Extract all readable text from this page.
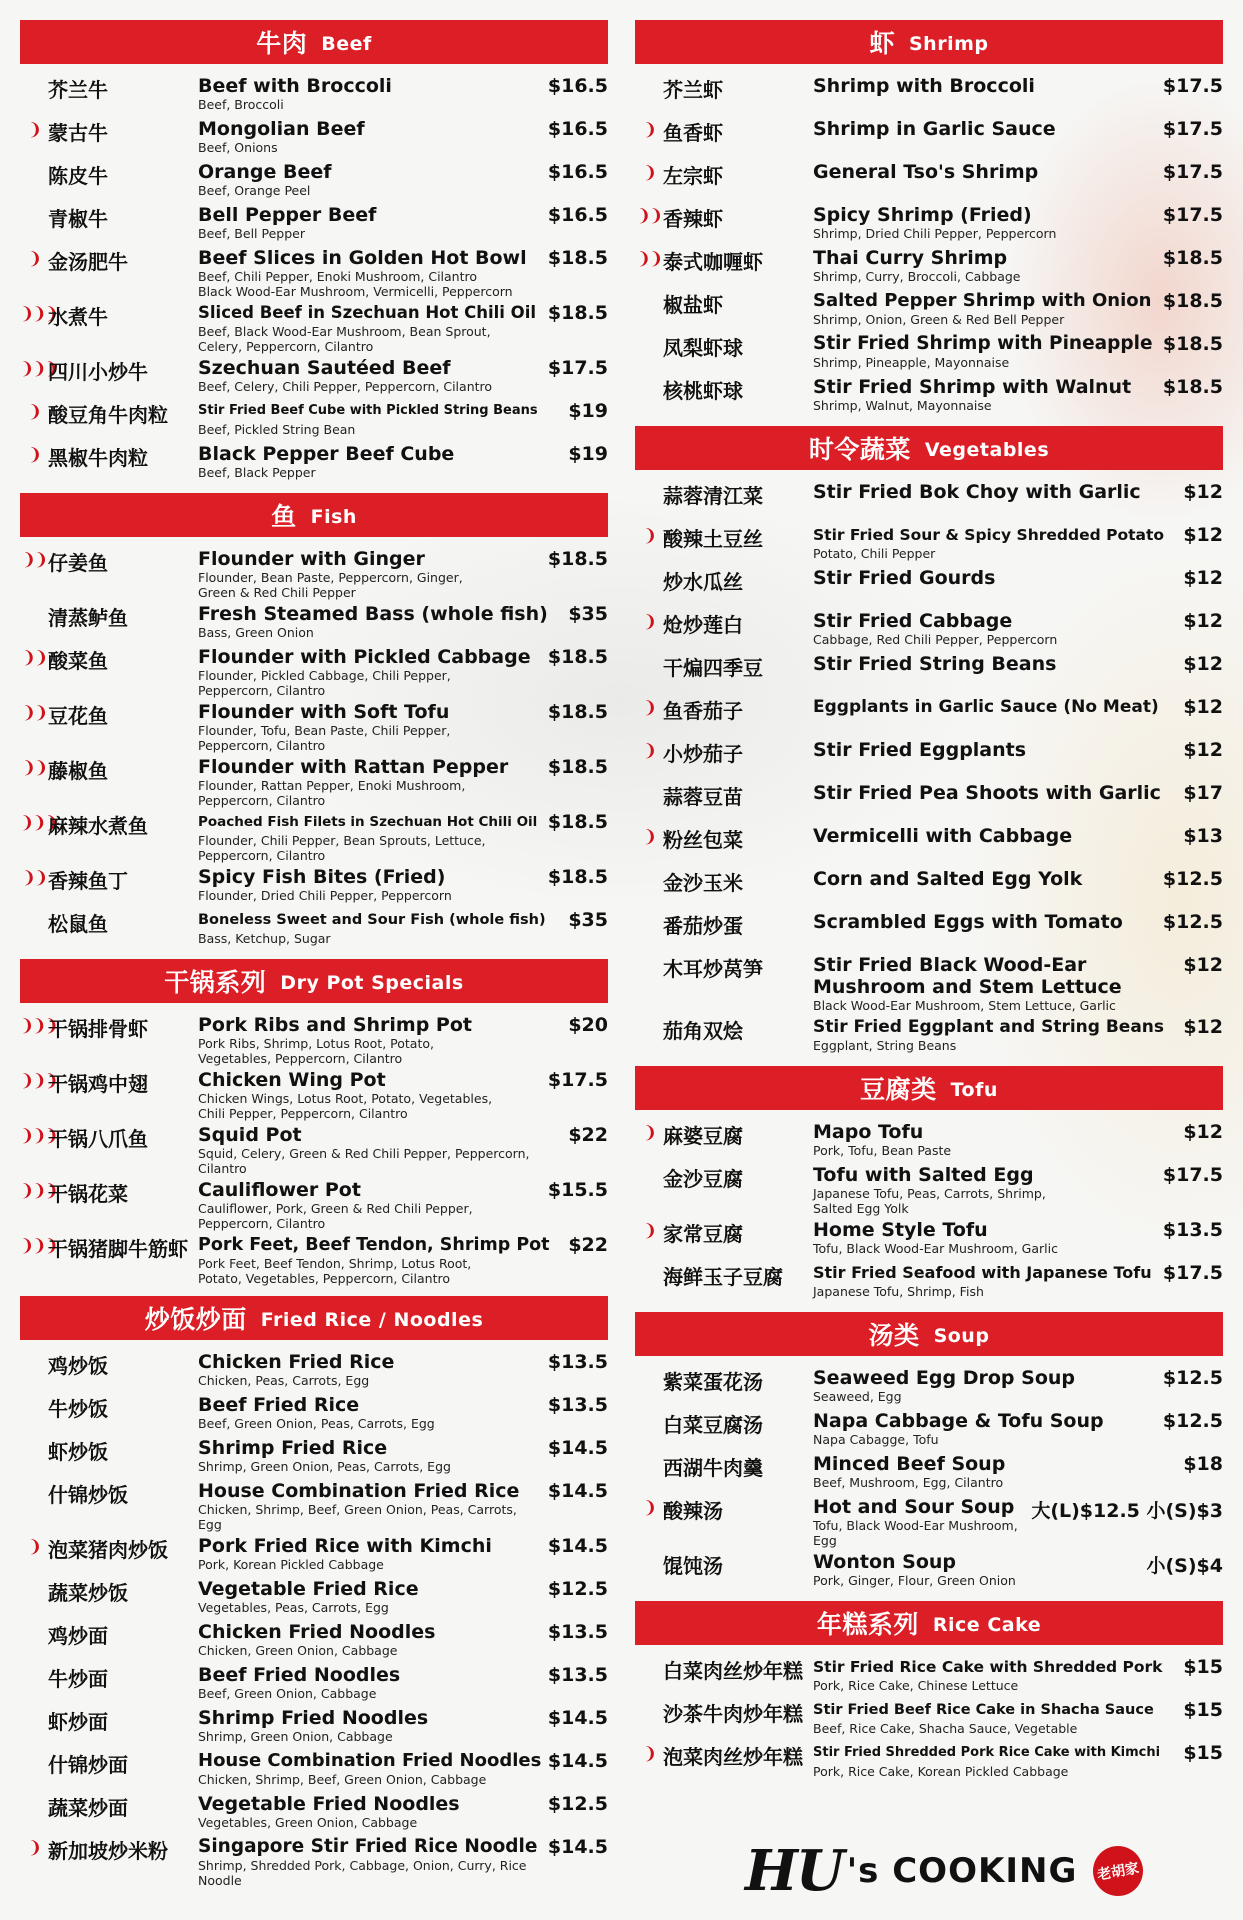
牛肉 Beef
芥兰牛	Beef with Broccoli
Beef, Broccoli
$16.5
❩ 蒙古牛	Mongolian Beef
Beef, Onions
$16.5
陈皮牛	Orange Beef
Beef, Orange Peel
$16.5
青椒牛	Bell Pepper Beef
Beef, Bell Pepper
$16.5
❩ 金汤肥牛	Beef Slices in Golden Hot Bowl
Beef, Chili Pepper, Enoki Mushroom, Cilantro
Black Wood-Ear Mushroom, Vermicelli, Peppercorn
$18.5
❩❩❩
水煮牛	Sliced Beef in Szechuan Hot Chili Oil
Beef, Black Wood-Ear Mushroom, Bean Sprout,
Celery, Peppercorn, Cilantro
$18.5
❩❩❩
四川小炒牛	Szechuan Sautéed Beef
Beef, Celery, Chili Pepper, Peppercorn, Cilantro
$17.5
❩ 酸豆角牛肉粒	Stir Fried Beef Cube with Pickled String Beans
Beef, Pickled String Bean
$19
❩ 黑椒牛肉粒	Black Pepper Beef Cube
Beef, Black Pepper
$19
鱼 Fish
❩❩ 仔姜鱼	Flounder with Ginger
Flounder, Bean Paste, Peppercorn, Ginger,
Green & Red Chili Pepper
$18.5
清蒸鲈鱼	Fresh Steamed Bass (whole fish)
Bass, Green Onion
$35
❩❩ 酸菜鱼	Flounder with Pickled Cabbage
Flounder, Pickled Cabbage, Chili Pepper,
Peppercorn, Cilantro
$18.5
❩❩ 豆花鱼	Flounder with Soft Tofu
Flounder, Tofu, Bean Paste, Chili Pepper,
Peppercorn, Cilantro
$18.5
❩❩ 藤椒鱼	Flounder with Rattan Pepper
Flounder, Rattan Pepper, Enoki Mushroom, Peppercorn, Cilantro
$18.5
❩❩❩
麻辣水煮鱼	Poached Fish Filets in Szechuan Hot Chili Oil
Flounder, Chili Pepper, Bean Sprouts, Lettuce,
Peppercorn, Cilantro
$18.5
❩❩ 香辣鱼丁	Spicy Fish Bites (Fried)
Flounder, Dried Chili Pepper, Peppercorn
$18.5
松鼠鱼	Boneless Sweet and Sour Fish (whole fish)
Bass, Ketchup, Sugar
$35
干锅系列 Dry Pot Specials
❩❩❩
干锅排骨虾	Pork Ribs and Shrimp Pot
Pork Ribs, Shrimp, Lotus Root, Potato,
Vegetables, Peppercorn, Cilantro
$20
❩❩❩
干锅鸡中翅	Chicken Wing Pot
Chicken Wings, Lotus Root, Potato, Vegetables,
Chili Pepper, Peppercorn, Cilantro
$17.5
❩❩❩
干锅八爪鱼	Squid Pot
Squid, Celery, Green & Red Chili Pepper, Peppercorn, Cilantro
$22
❩❩❩
干锅花菜	Cauliflower Pot
Cauliflower, Pork, Green & Red Chili Pepper,
Peppercorn, Cilantro
$15.5
❩❩❩
干锅猪脚牛筋虾 Pork Feet, Beef Tendon, Shrimp Pot
Pork Feet, Beef Tendon, Shrimp, Lotus Root,
Potato, Vegetables, Peppercorn, Cilantro
$22
炒饭炒面 Fried Rice / Noodles
鸡炒饭	Chicken Fried Rice
Chicken, Peas, Carrots, Egg
$13.5
牛炒饭	Beef Fried Rice
Beef, Green Onion, Peas, Carrots, Egg
$13.5
虾炒饭	Shrimp Fried Rice
Shrimp, Green Onion, Peas, Carrots, Egg
$14.5
什锦炒饭	House Combination Fried Rice
Chicken, Shrimp, Beef, Green Onion, Peas, Carrots, Egg
$14.5
❩ 泡菜猪肉炒饭	Pork Fried Rice with Kimchi
Pork, Korean Pickled Cabbage
$14.5
蔬菜炒饭	Vegetable Fried Rice
Vegetables, Peas, Carrots, Egg
$12.5
鸡炒面	Chicken Fried Noodles
Chicken, Green Onion, Cabbage
$13.5
牛炒面	Beef Fried Noodles
Beef, Green Onion, Cabbage
$13.5
虾炒面	Shrimp Fried Noodles
Shrimp, Green Onion, Cabbage
$14.5
什锦炒面	House Combination Fried Noodles
Chicken, Shrimp, Beef, Green Onion, Cabbage
$14.5
蔬菜炒面	Vegetable Fried Noodles
Vegetables, Green Onion, Cabbage
$12.5
❩ 新加坡炒米粉	Singapore Stir Fried Rice Noodle
Shrimp, Shredded Pork, Cabbage, Onion, Curry, Rice Noodle
$14.5
虾 Shrimp
芥兰虾	Shrimp with Broccoli	$17.5
❩ 鱼香虾	Shrimp in Garlic Sauce	$17.5
❩ 左宗虾	General Tso's Shrimp	$17.5
❩❩ 香辣虾	Spicy Shrimp (Fried)
Shrimp, Dried Chili Pepper, Peppercorn
$17.5
❩❩ 泰式咖喱虾	Thai Curry Shrimp
Shrimp, Curry, Broccoli, Cabbage
$18.5
椒盐虾	Salted Pepper Shrimp with Onion
Shrimp, Onion, Green & Red Bell Pepper
$18.5
凤梨虾球	Stir Fried Shrimp with Pineapple
Shrimp, Pineapple, Mayonnaise
$18.5
核桃虾球	Stir Fried Shrimp with Walnut
Shrimp, Walnut, Mayonnaise
$18.5
时令蔬菜 Vegetables
蒜蓉清江菜	Stir Fried Bok Choy with Garlic	$12
❩ 酸辣土豆丝	Stir Fried Sour & Spicy Shredded Potato
Potato, Chili Pepper
$12
炒水瓜丝	Stir Fried Gourds	$12
❩ 炝炒莲白	Stir Fried Cabbage
Cabbage, Red Chili Pepper, Peppercorn
$12
干煸四季豆	Stir Fried String Beans	$12
❩ 鱼香茄子	Eggplants in Garlic Sauce (No Meat)	$12
❩ 小炒茄子	Stir Fried Eggplants	$12
蒜蓉豆苗	Stir Fried Pea Shoots with Garlic	$17
❩ 粉丝包菜	Vermicelli with Cabbage	$13
金沙玉米	Corn and Salted Egg Yolk	$12.5
番茄炒蛋	Scrambled Eggs with Tomato	$12.5
木耳炒莴笋	Stir Fried Black Wood-Ear
Mushroom and Stem Lettuce
Black Wood-Ear Mushroom, Stem Lettuce, Garlic
$12
茄角双烩	Stir Fried Eggplant and String Beans
Eggplant, String Beans
$12
豆腐类 Tofu
❩ 麻婆豆腐	Mapo Tofu
Pork, Tofu, Bean Paste
$12
金沙豆腐	Tofu with Salted Egg
Japanese Tofu, Peas, Carrots, Shrimp,
Salted Egg Yolk
$17.5
❩ 家常豆腐	Home Style Tofu
Tofu, Black Wood-Ear Mushroom, Garlic
$13.5
海鲜玉子豆腐	Stir Fried Seafood with Japanese Tofu
Japanese Tofu, Shrimp, Fish
$17.5
汤类 Soup
紫菜蛋花汤	Seaweed Egg Drop Soup
Seaweed, Egg
$12.5
白菜豆腐汤	Napa Cabbage & Tofu Soup
Napa Cabagge, Tofu
$12.5
西湖牛肉羹	Minced Beef Soup
Beef, Mushroom, Egg, Cilantro
$18
❩ 酸辣汤	Hot and Sour Soup
Tofu, Black Wood-Ear Mushroom, Egg
大(L)$12.5 小(S)$3
馄饨汤	Wonton Soup
Pork, Ginger, Flour, Green Onion
小(S)$4
年糕系列 Rice Cake
白菜肉丝炒年糕 Stir Fried Rice Cake with Shredded Pork
Pork, Rice Cake, Chinese Lettuce
$15
沙茶牛肉炒年糕 Stir Fried Beef Rice Cake in Shacha Sauce
Beef, Rice Cake, Shacha Sauce, Vegetable
$15
❩ 泡菜肉丝炒年糕 Stir Fried Shredded Pork Rice Cake with Kimchi
Pork, Rice Cake, Korean Pickled Cabbage
$15
HU 's COOKING	老胡家
